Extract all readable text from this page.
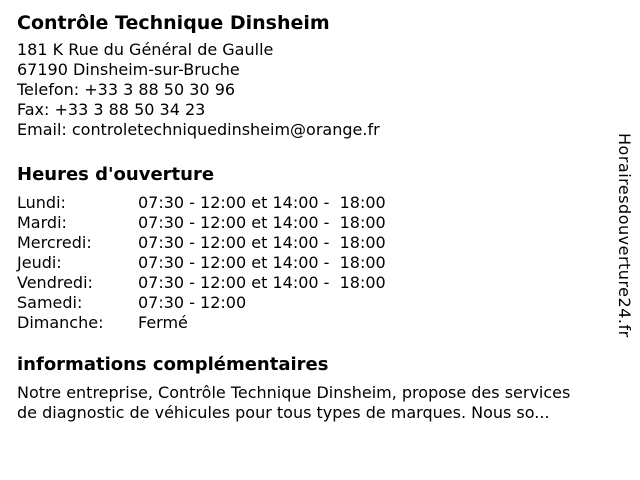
Contrôle Technique Dinsheim
181 K Rue du Général de Gaulle
67190 Dinsheim-sur-Bruche
Telefon: +33 3 88 50 30 96
Fax: +33 3 88 50 34 23
Email: controletechniquedinsheim@orange.fr
Heures d'ouverture
Lundi:	07:30 - 12:00 et 14:00 -  18:00
Mardi:	07:30 - 12:00 et 14:00 -  18:00
Mercredi:	07:30 - 12:00 et 14:00 -  18:00
Jeudi:	07:30 - 12:00 et 14:00 -  18:00
Vendredi:	07:30 - 12:00 et 14:00 -  18:00
Samedi:	07:30 - 12:00
Dimanche:	Fermé
informations complémentaires

Notre entreprise, Contrôle Technique Dinsheim, propose des services de diagnostic de véhicules pour tous types de marques. Nous so...

Horairesdouverture24.fr
